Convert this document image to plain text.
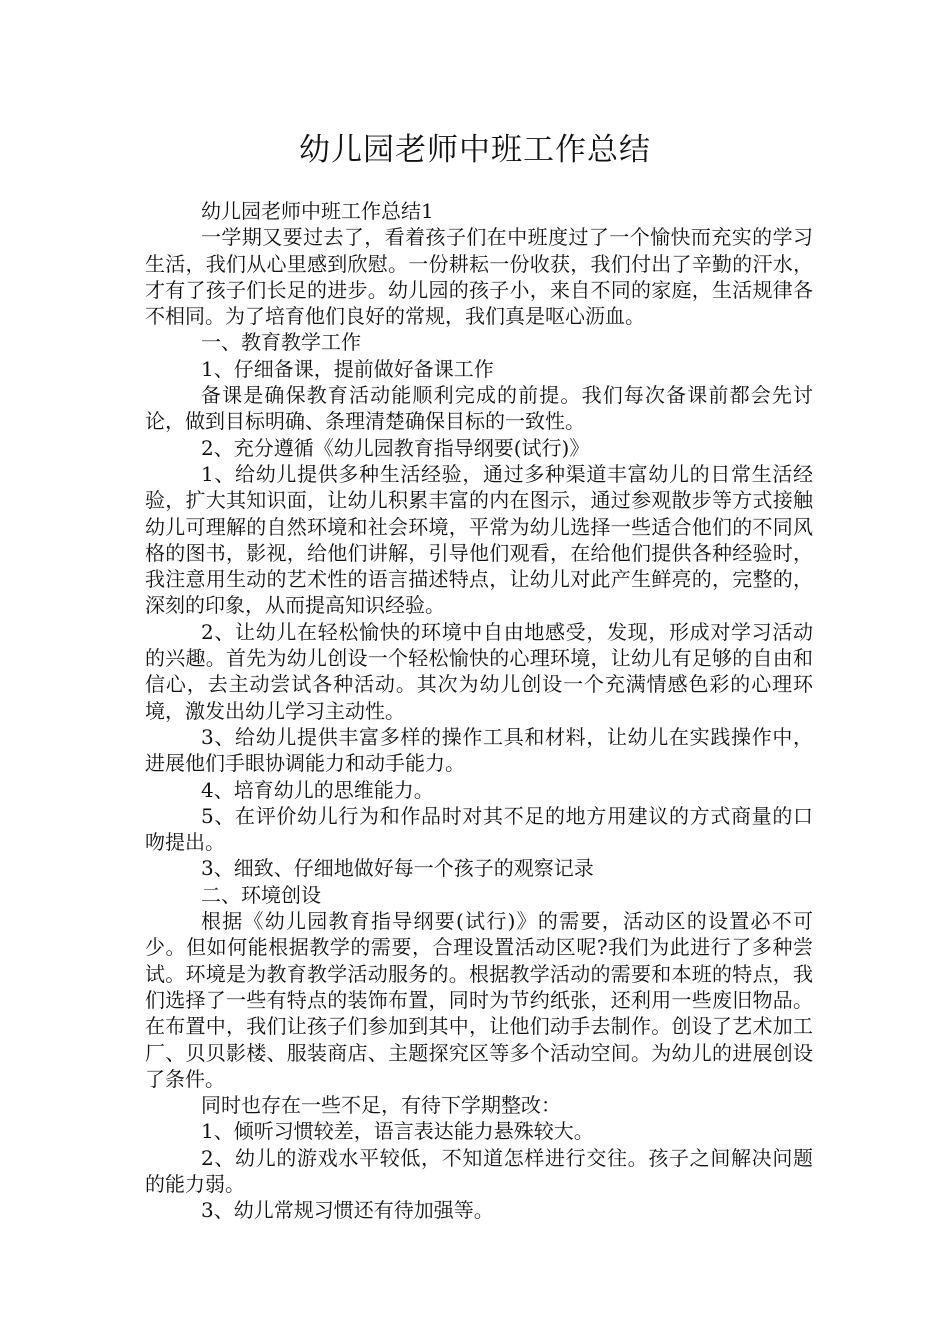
幼儿园老师中班工作总结

幼儿园老师中班工作总结1

一学期又要过去了，看着孩子们在中班度过了一个愉快而充实的学习生活，我们从心里感到欣慰。一份耕耘一份收获，我们付出了辛勤的汗水，才有了孩子们长足的进步。幼儿园的孩子小，来自不同的家庭，生活规律各不相同。为了培育他们良好的常规，我们真是呕心沥血。

一、教育教学工作

1、仔细备课，提前做好备课工作

备课是确保教育活动能顺利完成的前提。我们每次备课前都会先讨论，做到目标明确、条理清楚确保目标的一致性。

2、充分遵循《幼儿园教育指导纲要(试行)》

1、给幼儿提供多种生活经验，通过多种渠道丰富幼儿的日常生活经验，扩大其知识面，让幼儿积累丰富的内在图示，通过参观散步等方式接触幼儿可理解的自然环境和社会环境，平常为幼儿选择一些适合他们的不同风格的图书，影视，给他们讲解，引导他们观看，在给他们提供各种经验时，我注意用生动的艺术性的语言描述特点，让幼儿对此产生鲜亮的，完整的，深刻的印象，从而提高知识经验。

2、让幼儿在轻松愉快的环境中自由地感受，发现，形成对学习活动的兴趣。首先为幼儿创设一个轻松愉快的心理环境，让幼儿有足够的自由和信心，去主动尝试各种活动。其次为幼儿创设一个充满情感色彩的心理环境，激发出幼儿学习主动性。

3、给幼儿提供丰富多样的操作工具和材料，让幼儿在实践操作中，进展他们手眼协调能力和动手能力。

4、培育幼儿的思维能力。

5、在评价幼儿行为和作品时对其不足的地方用建议的方式商量的口吻提出。

3、细致、仔细地做好每一个孩子的观察记录

二、环境创设

根据《幼儿园教育指导纲要(试行)》的需要，活动区的设置必不可少。但如何能根据教学的需要，合理设置活动区呢?我们为此进行了多种尝试。环境是为教育教学活动服务的。根据教学活动的需要和本班的特点，我们选择了一些有特点的装饰布置，同时为节约纸张，还利用一些废旧物品。在布置中，我们让孩子们参加到其中，让他们动手去制作。创设了艺术加工厂、贝贝影楼、服装商店、主题探究区等多个活动空间。为幼儿的进展创设了条件。

同时也存在一些不足，有待下学期整改：

1、倾听习惯较差，语言表达能力悬殊较大。

2、幼儿的游戏水平较低，不知道怎样进行交往。孩子之间解决问题的能力弱。

3、幼儿常规习惯还有待加强等。
